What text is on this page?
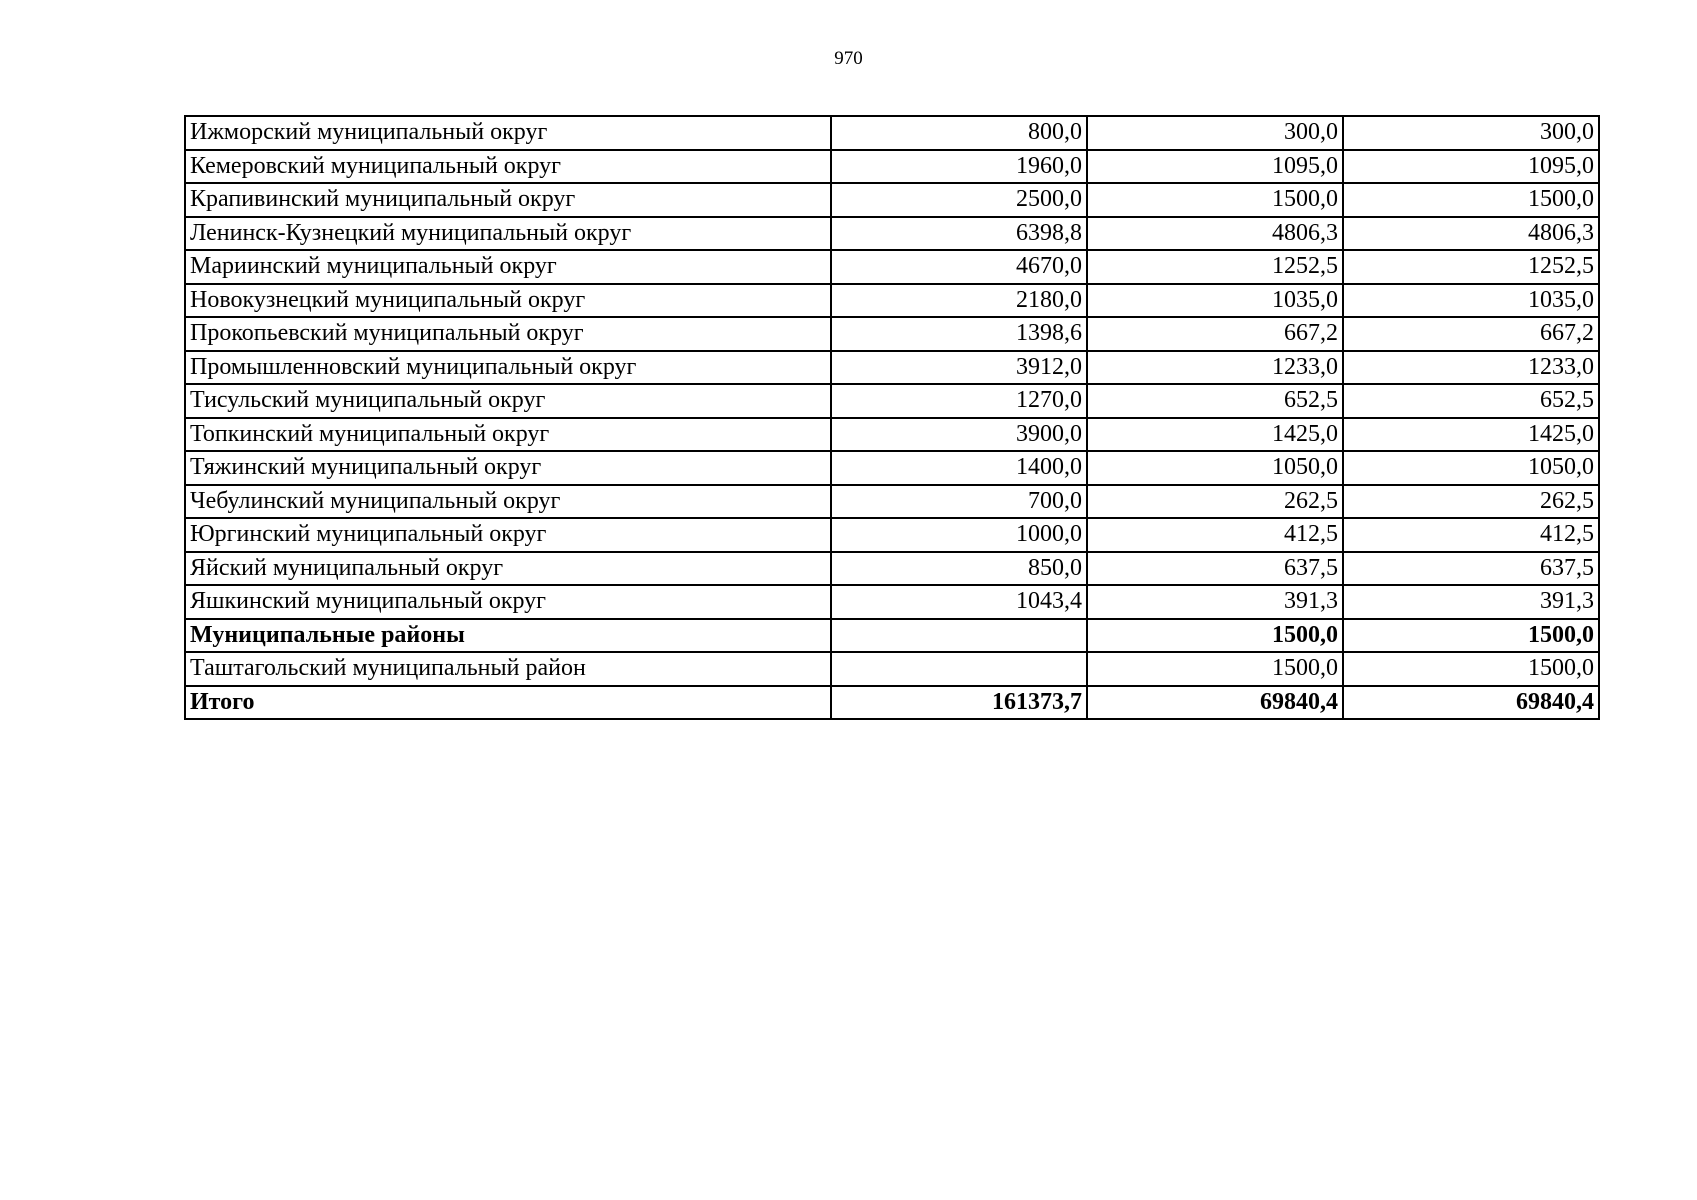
970
Ижморский муниципальный округ	800,0	300,0	300,0
Кемеровский муниципальный округ	1960,0	1095,0	1095,0
Крапивинский муниципальный округ	2500,0	1500,0	1500,0
Ленинск-Кузнецкий муниципальный округ	6398,8	4806,3	4806,3
Мариинский муниципальный округ	4670,0	1252,5	1252,5
Новокузнецкий муниципальный округ	2180,0	1035,0	1035,0
Прокопьевский муниципальный округ	1398,6	667,2	667,2
Промышленновский муниципальный округ	3912,0	1233,0	1233,0
Тисульский муниципальный округ	1270,0	652,5	652,5
Топкинский муниципальный округ	3900,0	1425,0	1425,0
Тяжинский муниципальный округ	1400,0	1050,0	1050,0
Чебулинский муниципальный округ	700,0	262,5	262,5
Юргинский муниципальный округ	1000,0	412,5	412,5
Яйский муниципальный округ	850,0	637,5	637,5
Яшкинский муниципальный округ	1043,4	391,3	391,3
Муниципальные районы		1500,0	1500,0
Таштагольский муниципальный район		1500,0	1500,0
Итого	161373,7	69840,4	69840,4
